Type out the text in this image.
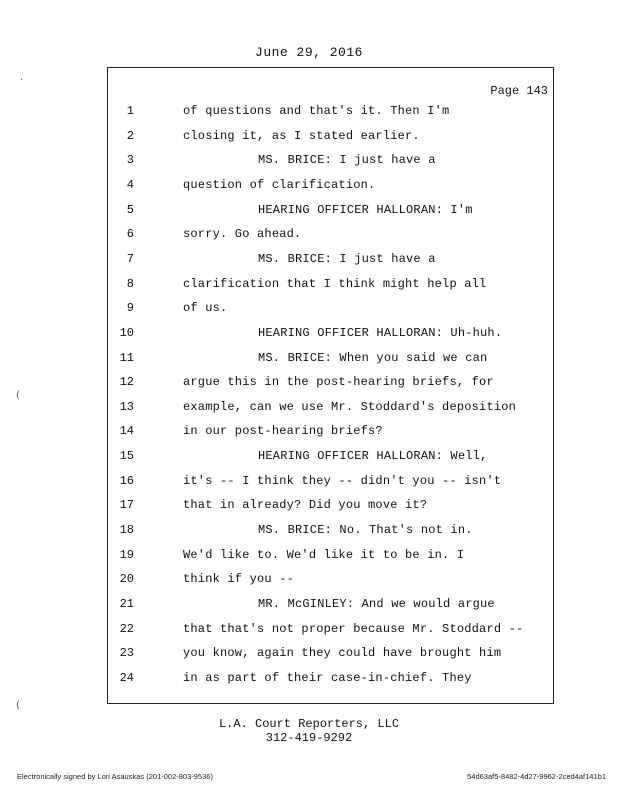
June 29, 2016
Page 143
1	of questions and that's it. Then I'm
2	closing it, as I stated earlier.
3	MS. BRICE: I just have a
4	question of clarification.
5	HEARING OFFICER HALLORAN: I'm
6	sorry. Go ahead.
7	MS. BRICE: I just have a
8	clarification that I think might help all
9	of us.
10	HEARING OFFICER HALLORAN: Uh-huh.
11	MS. BRICE: When you said we can
12	argue this in the post-hearing briefs, for
13	example, can we use Mr. Stoddard's deposition
14	in our post-hearing briefs?
15	HEARING OFFICER HALLORAN: Well,
16	it's -- I think they -- didn't you -- isn't
17	that in already? Did you move it?
18	MS. BRICE: No. That's not in.
19	We'd like to. We'd like it to be in. I
20	think if you --
21	MR. McGINLEY: And we would argue
22	that that's not proper because Mr. Stoddard --
23	you know, again they could have brought him
24	in as part of their case-in-chief. They
L.A. Court Reporters, LLC
312-419-9292
Electronically signed by Lori Asauskas (201-002-803-9536)	54d63af5-8482-4d27-9962-2ced4af141b1
·
(
(
